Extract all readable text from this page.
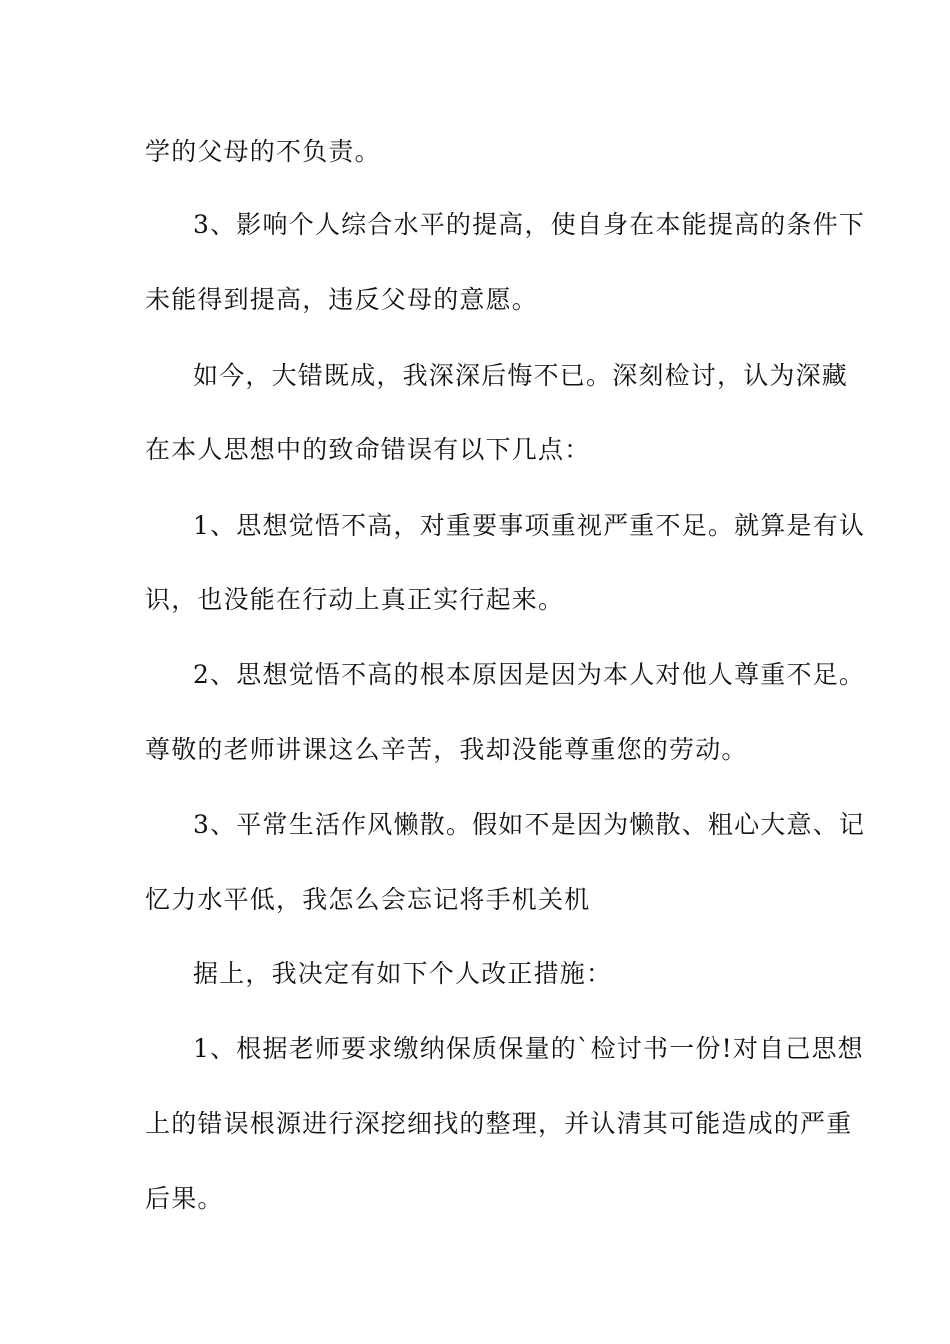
学的父母的不负责。
3、影响个人综合水平的提高，使自身在本能提高的条件下
未能得到提高，违反父母的意愿。
如今，大错既成，我深深后悔不已。深刻检讨，认为深藏
在本人思想中的致命错误有以下几点：
1、思想觉悟不高，对重要事项重视严重不足。就算是有认
识，也没能在行动上真正实行起来。
2、思想觉悟不高的根本原因是因为本人对他人尊重不足。
尊敬的老师讲课这么辛苦，我却没能尊重您的劳动。
3、平常生活作风懒散。假如不是因为懒散、粗心大意、记
忆力水平低，我怎么会忘记将手机关机
据上，我决定有如下个人改正措施：
1、根据老师要求缴纳保质保量的`检讨书一份!对自己思想
上的错误根源进行深挖细找的整理，并认清其可能造成的严重
后果。
